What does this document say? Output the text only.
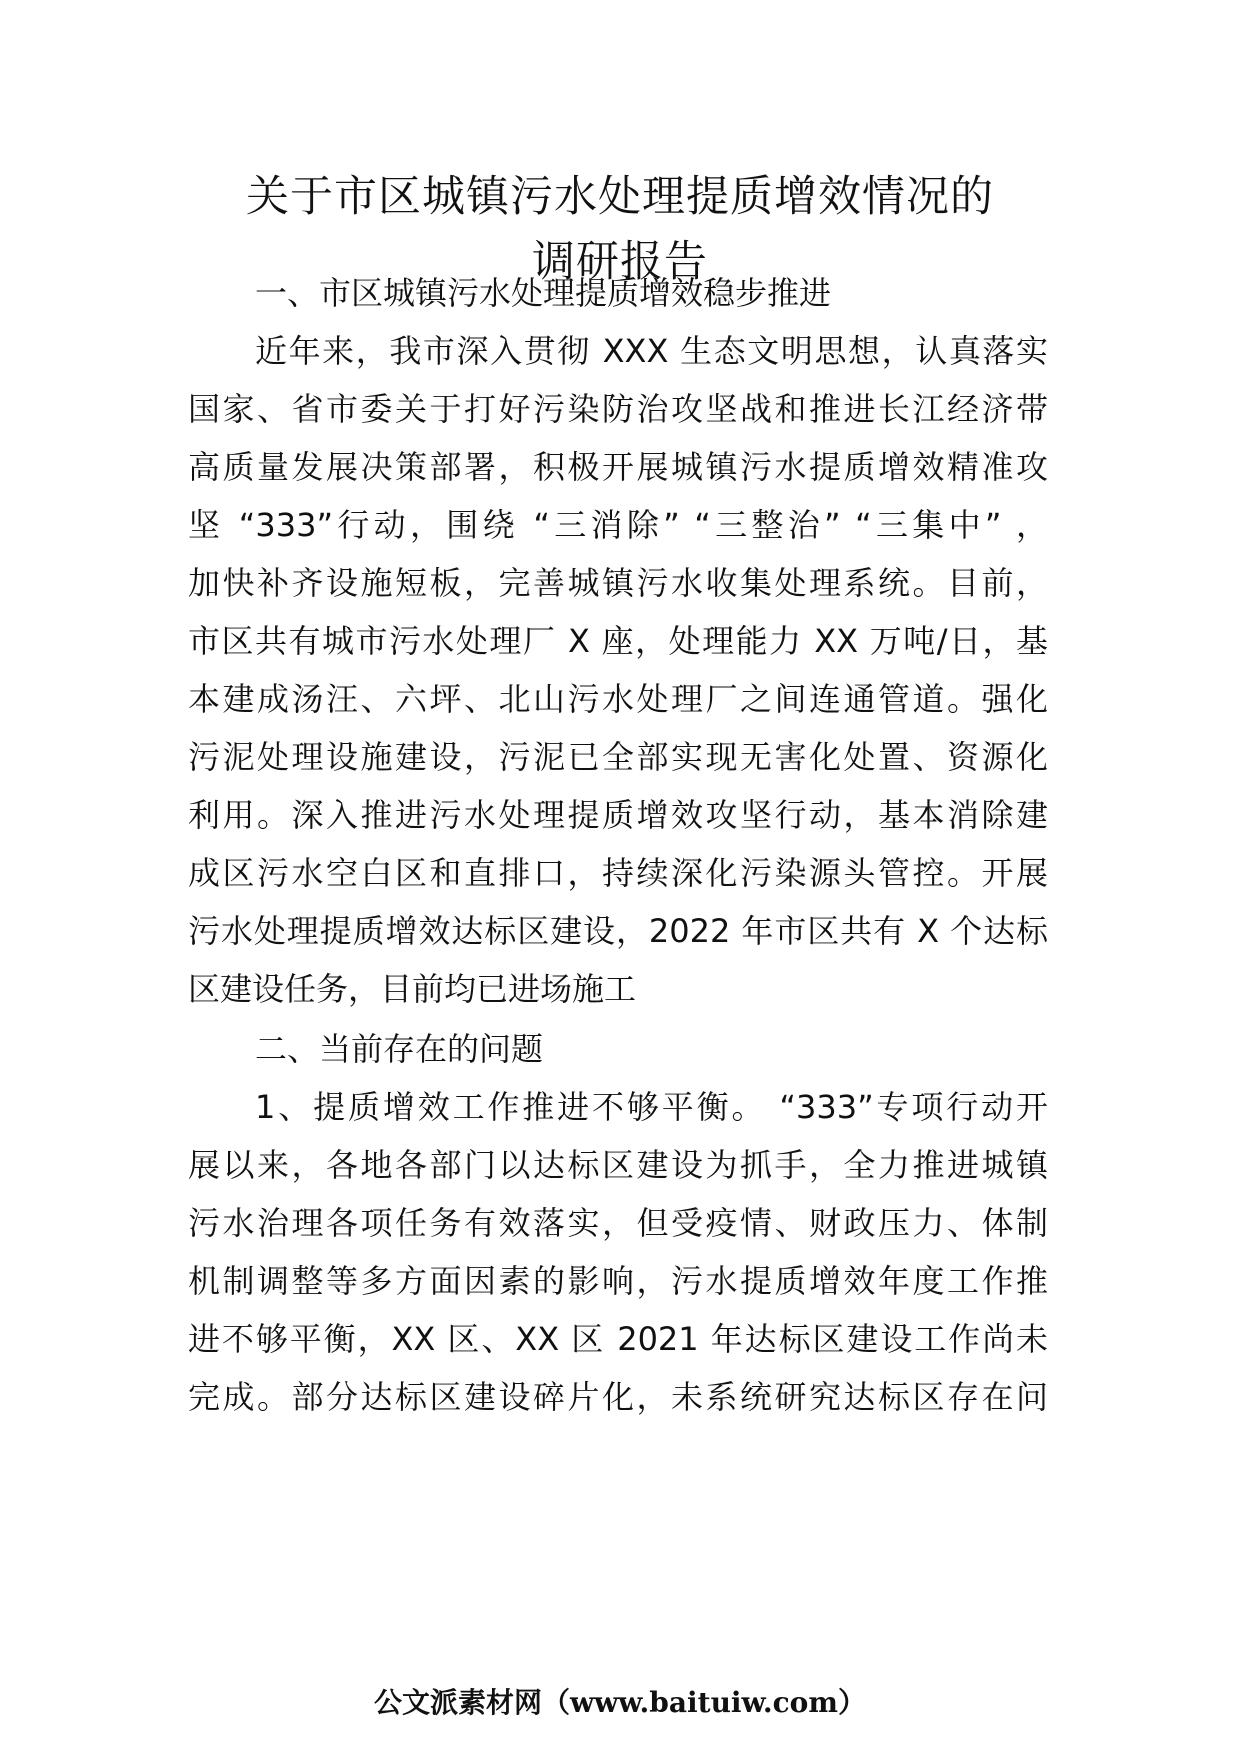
关于市区城镇污水处理提质增效情况的
调研报告
一、市区城镇污水处理提质增效稳步推进
近年来，我市深入贯彻 XXX 生态文明思想，认真落实
国家、省市委关于打好污染防治攻坚战和推进长江经济带
高质量发展决策部署，积极开展城镇污水提质增效精准攻
坚 “333”行动，围绕 “三消除” “三整治” “三集中” ，
加快补齐设施短板，完善城镇污水收集处理系统。目前，
市区共有城市污水处理厂 X 座，处理能力 XX 万吨/日，基
本建成汤汪、六坪、北山污水处理厂之间连通管道。强化
污泥处理设施建设，污泥已全部实现无害化处置、资源化
利用。深入推进污水处理提质增效攻坚行动，基本消除建
成区污水空白区和直排口，持续深化污染源头管控。开展
污水处理提质增效达标区建设，2022 年市区共有 X 个达标
区建设任务，目前均已进场施工
二、当前存在的问题
1、提质增效工作推进不够平衡。 “333”专项行动开
展以来，各地各部门以达标区建设为抓手，全力推进城镇
污水治理各项任务有效落实，但受疫情、财政压力、体制
机制调整等多方面因素的影响，污水提质增效年度工作推
进不够平衡，XX 区、XX 区 2021 年达标区建设工作尚未
完成。部分达标区建设碎片化，未系统研究达标区存在问
公文派素材网（www.baituiw.com）
